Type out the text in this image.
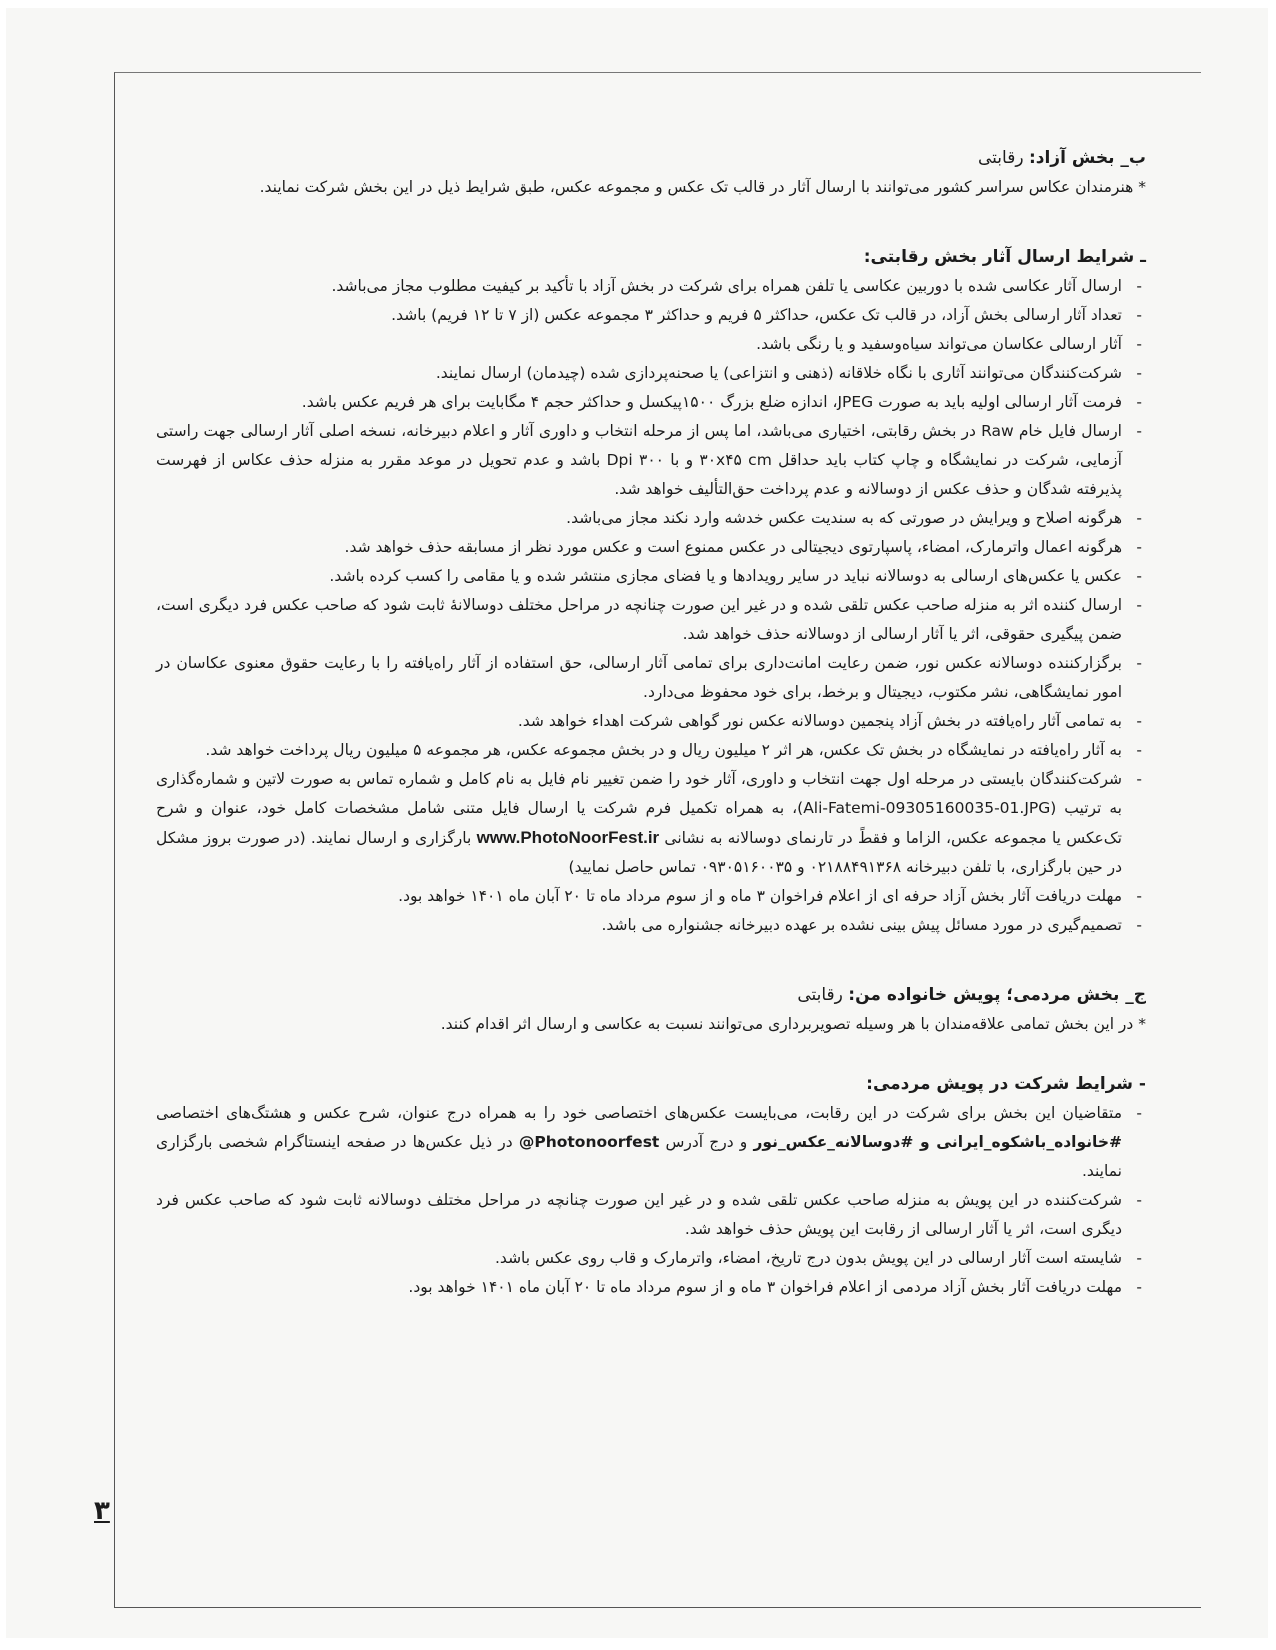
ب_ بخش آزاد: رقابتی

* هنرمندان عکاس سراسر کشور می‌توانند با ارسال آثار در قالب تک عکس و مجموعه عکس، طبق شرایط ذیل در این بخش شرکت نمایند.

ـ شرایط ارسال آثار بخش رقابتی:

- ارسال آثار عکاسی شده با دوربین عکاسی یا تلفن همراه برای شرکت در بخش آزاد با تأکید بر کیفیت مطلوب مجاز می‌باشد.
- تعداد آثار ارسالی بخش آزاد، در قالب تک عکس، حداکثر ۵ فریم و حداکثر ۳ مجموعه عکس (از ۷ تا ۱۲ فریم) باشد.
- آثار ارسالی عکاسان می‌تواند سیاه‌وسفید و یا رنگی باشد.
- شرکت‌کنندگان می‌توانند آثاری با نگاه خلاقانه (ذهنی و انتزاعی) یا صحنه‌پردازی شده (چیدمان) ارسال نمایند.
- فرمت آثار ارسالی اولیه باید به صورت JPEG، اندازه ضلع بزرگ ۱۵۰۰پیکسل و حداکثر حجم ۴ مگابایت برای هر فریم عکس باشد.
- ارسال فایل خام Raw در بخش رقابتی، اختیاری می‌باشد، اما پس از مرحله انتخاب و داوری آثار و اعلام دبیرخانه، نسخه اصلی آثار ارسالی جهت راستی آزمایی، شرکت در نمایشگاه و چاپ کتاب باید حداقل ۳۰x۴۵ cm و با ۳۰۰ Dpi باشد و عدم تحویل در موعد مقرر به منزله حذف عکاس از فهرست پذیرفته شدگان و حذف عکس از دوسالانه و عدم پرداخت حق‌التألیف خواهد شد.
- هرگونه اصلاح و ویرایش در صورتی که به سندیت عکس خدشه وارد نکند مجاز می‌باشد.
- هرگونه اعمال واترمارک، امضاء، پاسپارتوی دیجیتالی در عکس ممنوع است و عکس مورد نظر از مسابقه حذف خواهد شد.
- عکس یا عکس‌های ارسالی به دوسالانه نباید در سایر رویدادها و یا فضای مجازی منتشر شده و یا مقامی را کسب کرده باشد.
- ارسال کننده اثر به منزله صاحب عکس تلقی شده و در غیر این صورت چنانچه در مراحل مختلف دوسالانهٔ ثابت شود که صاحب عکس فرد دیگری است، ضمن پیگیری حقوقی، اثر یا آثار ارسالی از دوسالانه حذف خواهد شد.
- برگزارکننده دوسالانه عکس نور، ضمن رعایت امانت‌داری برای تمامی آثار ارسالی، حق استفاده از آثار راه‌یافته را با رعایت حقوق معنوی عکاسان در امور نمایشگاهی، نشر مکتوب، دیجیتال و برخط، برای خود محفوظ می‌دارد.
- به تمامی آثار راه‌یافته در بخش آزاد پنجمین دوسالانه عکس نور گواهی شرکت اهداء خواهد شد.
- به آثار راه‌یافته در نمایشگاه در بخش تک عکس، هر اثر ۲ میلیون ریال و در بخش مجموعه عکس، هر مجموعه ۵ میلیون ریال پرداخت خواهد شد.
- شرکت‌کنندگان بایستی در مرحله اول جهت انتخاب و داوری، آثار خود را ضمن تغییر نام فایل به نام کامل و شماره تماس به صورت لاتین و شماره‌گذاری به ترتیب (Ali-Fatemi-09305160035-01.JPG)، به همراه تکمیل فرم شرکت یا ارسال فایل متنی شامل مشخصات کامل خود، عنوان و شرح تک‌عکس یا مجموعه عکس، الزاما و فقطً در تارنمای دوسالانه به نشانی www.PhotoNoorFest.ir بارگزاری و ارسال نمایند. (در صورت بروز مشکل در حین بارگزاری، با تلفن دبیرخانه ۰۲۱۸۸۴۹۱۳۶۸ و ۰۹۳۰۵۱۶۰۰۳۵ تماس حاصل نمایید)
- مهلت دریافت آثار بخش آزاد حرفه ای از اعلام فراخوان ۳ ماه و از سوم مرداد ماه تا ۲۰ آبان ماه ۱۴۰۱ خواهد بود.
- تصمیم‌گیری در مورد مسائل پیش بینی نشده بر عهده دبیرخانه جشنواره می باشد.

ج_ بخش مردمی؛ پویش خانواده من: رقابتی

* در این بخش تمامی علاقه‌مندان با هر وسیله تصویربرداری می‌توانند نسبت به عکاسی و ارسال اثر اقدام کنند.

- شرایط شرکت در پویش مردمی:

- متقاضیان این بخش برای شرکت در این رقابت، می‌بایست عکس‌های اختصاصی خود را به همراه درج عنوان، شرح عکس و هشتگ‌های اختصاصی #خانواده_باشکوه_ایرانی و #دوسالانه_عکس_نور و درج آدرس @Photonoorfest در ذیل عکس‌ها در صفحه اینستاگرام شخصی بارگزاری نمایند.
- شرکت‌کننده در این پویش به منزله صاحب عکس تلقی شده و در غیر این صورت چنانچه در مراحل مختلف دوسالانه ثابت شود که صاحب عکس فرد دیگری است، اثر یا آثار ارسالی از رقابت این پویش حذف خواهد شد.
- شایسته است آثار ارسالی در این پویش بدون درج تاریخ، امضاء، واترمارک و قاب روی عکس باشد.
- مهلت دریافت آثار بخش آزاد مردمی از اعلام فراخوان ۳ ماه و از سوم مرداد ماه تا ۲۰ آبان ماه ۱۴۰۱ خواهد بود.
۳
